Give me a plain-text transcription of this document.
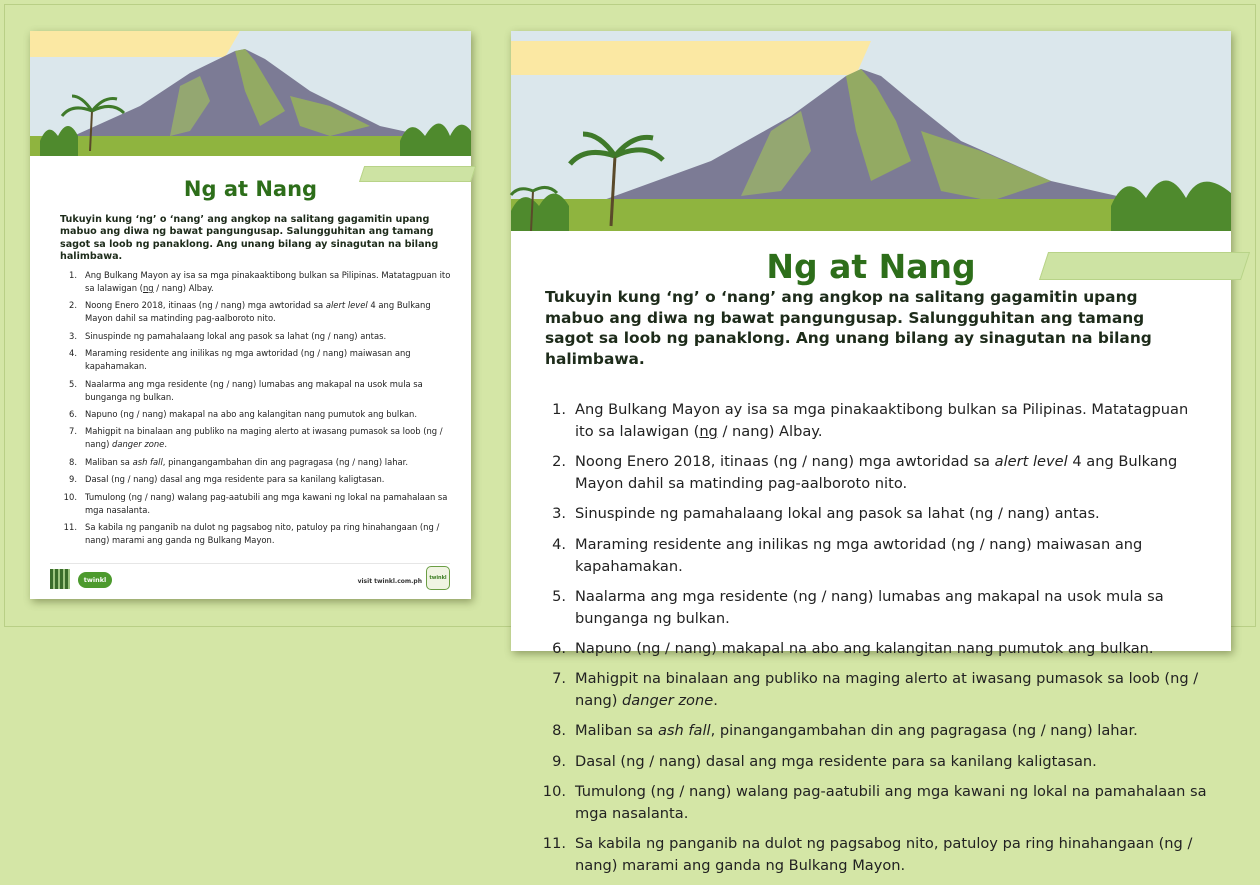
Ng at Nang
Tukuyin kung ‘ng’ o ‘nang’ ang angkop na salitang gagamitin upang mabuo ang diwa ng bawat pangungusap. Salungguhitan ang tamang sagot sa loob ng panaklong. Ang unang bilang ay sinagutan na bilang halimbawa.
1. Ang Bulkang Mayon ay isa sa mga pinakaaktibong bulkan sa Pilipinas. Matatagpuan ito sa lalawigan (ng / nang) Albay.
2. Noong Enero 2018, itinaas (ng / nang) mga awtoridad sa alert level 4 ang Bulkang Mayon dahil sa matinding pag-aalboroto nito.
3. Sinuspinde ng pamahalaang lokal ang pasok sa lahat (ng / nang) antas.
4. Maraming residente ang inilikas ng mga awtoridad (ng / nang) maiwasan ang kapahamakan.
5. Naalarma ang mga residente (ng / nang) lumabas ang makapal na usok mula sa bunganga ng bulkan.
6. Napuno (ng / nang) makapal na abo ang kalangitan nang pumutok ang bulkan.
7. Mahigpit na binalaan ang publiko na maging alerto at iwasang pumasok sa loob (ng / nang) danger zone.
8. Maliban sa ash fall, pinangangambahan din ang pagragasa (ng / nang) lahar.
9. Dasal (ng / nang) dasal ang mga residente para sa kanilang kaligtasan.
10. Tumulong (ng / nang) walang pag-aatubili ang mga kawani ng lokal na pamahalaan sa mga nasalanta.
11. Sa kabila ng panganib na dulot ng pagsabog nito, patuloy pa ring hinahangaan (ng / nang) marami ang ganda ng Bulkang Mayon.
twinkl	visit twinkl.com.ph	twinkl
Ng at Nang
Tukuyin kung ‘ng’ o ‘nang’ ang angkop na salitang gagamitin upang mabuo ang diwa ng bawat pangungusap. Salungguhitan ang tamang sagot sa loob ng panaklong. Ang unang bilang ay sinagutan na bilang halimbawa.
1. Ang Bulkang Mayon ay isa sa mga pinakaaktibong bulkan sa Pilipinas. Matatagpuan ito sa lalawigan (ng / nang) Albay.
2. Noong Enero 2018, itinaas (ng / nang) mga awtoridad sa alert level 4 ang Bulkang Mayon dahil sa matinding pag-aalboroto nito.
3. Sinuspinde ng pamahalaang lokal ang pasok sa lahat (ng / nang) antas.
4. Maraming residente ang inilikas ng mga awtoridad (ng / nang) maiwasan ang kapahamakan.
5. Naalarma ang mga residente (ng / nang) lumabas ang makapal na usok mula sa bunganga ng bulkan.
6. Napuno (ng / nang) makapal na abo ang kalangitan nang pumutok ang bulkan.
7. Mahigpit na binalaan ang publiko na maging alerto at iwasang pumasok sa loob (ng / nang) danger zone.
8. Maliban sa ash fall, pinangangambahan din ang pagragasa (ng / nang) lahar.
9. Dasal (ng / nang) dasal ang mga residente para sa kanilang kaligtasan.
10. Tumulong (ng / nang) walang pag-aatubili ang mga kawani ng lokal na pamahalaan sa mga nasalanta.
11. Sa kabila ng panganib na dulot ng pagsabog nito, patuloy pa ring hinahangaan (ng / nang) marami ang ganda ng Bulkang Mayon.
